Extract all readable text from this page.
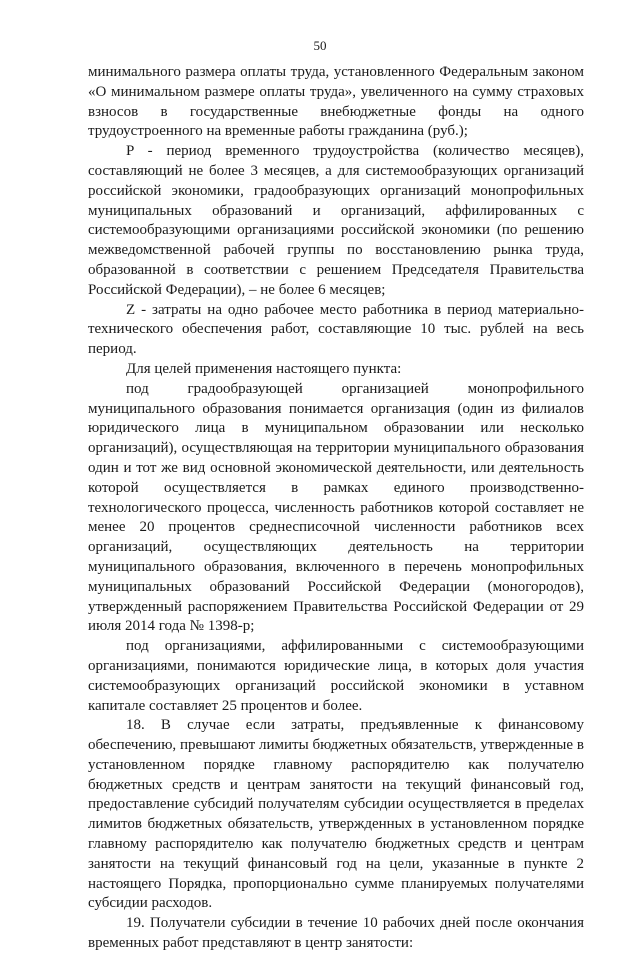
50

минимального размера оплаты труда, установленного Федеральным законом «О минимальном размере оплаты труда», увеличенного на сумму страховых взносов в государственные внебюджетные фонды на одного трудоустроенного на временные работы гражданина (руб.);

P - период временного трудоустройства (количество месяцев), составляющий не более 3 месяцев, а для системообразующих организаций российской экономики, градообразующих организаций монопрофильных муниципальных образований и организаций, аффилированных с системообразующими организациями российской экономики (по решению межведомственной рабочей группы по восстановлению рынка труда, образованной в соответствии с решением Председателя Правительства Российской Федерации), – не более 6 месяцев;

Z - затраты на одно рабочее место работника в период материально-технического обеспечения работ, составляющие 10 тыс. рублей на весь период.

Для целей применения настоящего пункта:

под градообразующей организацией монопрофильного муниципального образования понимается организация (один из филиалов юридического лица в муниципальном образовании или несколько организаций), осуществляющая на территории муниципального образования один и тот же вид основной экономической деятельности, или деятельность которой осуществляется в рамках единого производственно-технологического процесса, численность работников которой составляет не менее 20 процентов среднесписочной численности работников всех организаций, осуществляющих деятельность на территории муниципального образования, включенного в перечень монопрофильных муниципальных образований Российской Федерации (моногородов), утвержденный распоряжением Правительства Российской Федерации от 29 июля 2014 года № 1398-р;

под организациями, аффилированными с системообразующими организациями, понимаются юридические лица, в которых доля участия системообразующих организаций российской экономики в уставном капитале составляет 25 процентов и более.

18. В случае если затраты, предъявленные к финансовому обеспечению, превышают лимиты бюджетных обязательств, утвержденные в установленном порядке главному распорядителю как получателю бюджетных средств и центрам занятости на текущий финансовый год, предоставление субсидий получателям субсидии осуществляется в пределах лимитов бюджетных обязательств, утвержденных в установленном порядке главному распорядителю как получателю бюджетных средств и центрам занятости на текущий финансовый год на цели, указанные в пункте 2 настоящего Порядка, пропорционально сумме планируемых получателями субсидии расходов.

19. Получатели субсидии в течение 10 рабочих дней после окончания временных работ представляют в центр занятости:
